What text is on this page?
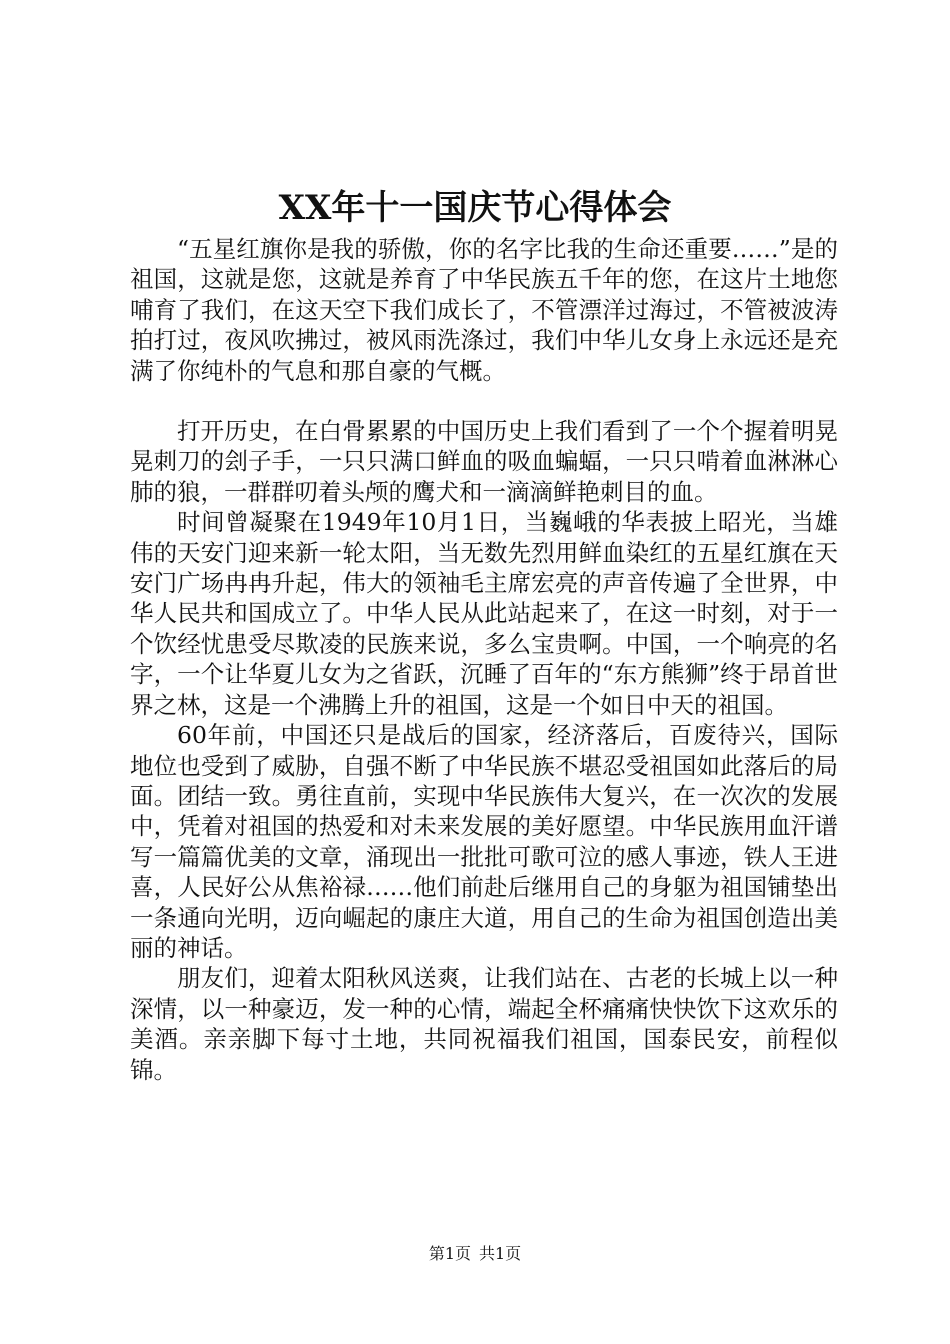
XX年十一国庆节心得体会

“五星红旗你是我的骄傲，你的名字比我的生命还重要……”是的祖国，这就是您，这就是养育了中华民族五千年的您，在这片土地您哺育了我们，在这天空下我们成长了，不管漂洋过海过，不管被波涛拍打过，夜风吹拂过，被风雨洗涤过，我们中华儿女身上永远还是充满了你纯朴的气息和那自豪的气概。

打开历史，在白骨累累的中国历史上我们看到了一个个握着明晃晃刺刀的刽子手，一只只满口鲜血的吸血蝙蝠，一只只啃着血淋淋心肺的狼，一群群叨着头颅的鹰犬和一滴滴鲜艳刺目的血。

时间曾凝聚在1949年10月1日，当巍峨的华表披上昭光，当雄伟的天安门迎来新一轮太阳，当无数先烈用鲜血染红的五星红旗在天安门广场冉冉升起，伟大的领袖毛主席宏亮的声音传遍了全世界，中华人民共和国成立了。中华人民从此站起来了，在这一时刻，对于一个饮经忧患受尽欺凌的民族来说，多么宝贵啊。中国，一个响亮的名字，一个让华夏儿女为之省跃，沉睡了百年的“东方熊狮”终于昂首世界之林，这是一个沸腾上升的祖国，这是一个如日中天的祖国。

60年前，中国还只是战后的国家，经济落后，百废待兴，国际地位也受到了威胁，自强不断了中华民族不堪忍受祖国如此落后的局面。团结一致。勇往直前，实现中华民族伟大复兴，在一次次的发展中，凭着对祖国的热爱和对未来发展的美好愿望。中华民族用血汗谱写一篇篇优美的文章，涌现出一批批可歌可泣的感人事迹，铁人王进喜，人民好公从焦裕禄……他们前赴后继用自己的身躯为祖国铺垫出一条通向光明，迈向崛起的康庄大道，用自己的生命为祖国创造出美丽的神话。

朋友们，迎着太阳秋风送爽，让我们站在、古老的长城上以一种深情，以一种豪迈，发一种的心情，端起全杯痛痛快快饮下这欢乐的美酒。亲亲脚下每寸土地，共同祝福我们祖国，国泰民安，前程似锦。

第1页 共1页
